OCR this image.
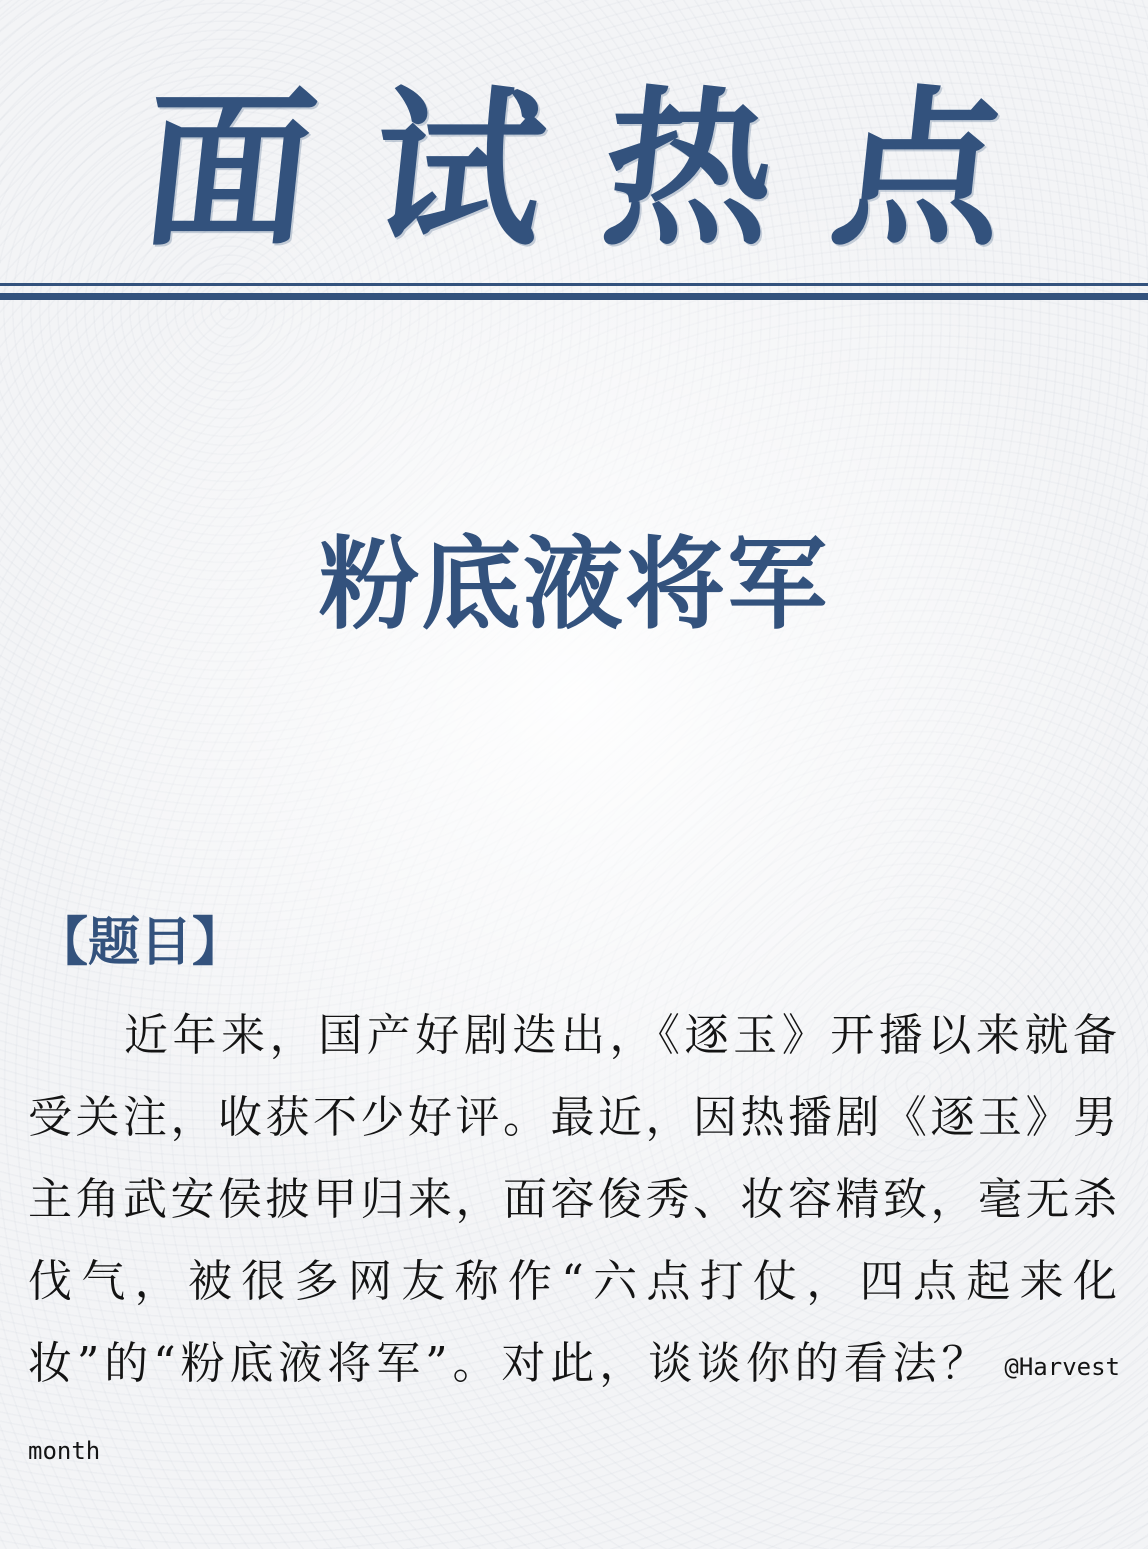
面 试 热 点
粉底液将军
【题目】

近年来，国产好剧迭出，《逐玉》开播以来就备受关注，收获不少好评。最近，因热播剧《逐玉》男主角武安侯披甲归来，面容俊秀、妆容精致，毫无杀伐气，被很多网友称作“六点打仗，四点起来化妆”的“粉底液将军”。对此，谈谈你的看法？ @Harvest month
